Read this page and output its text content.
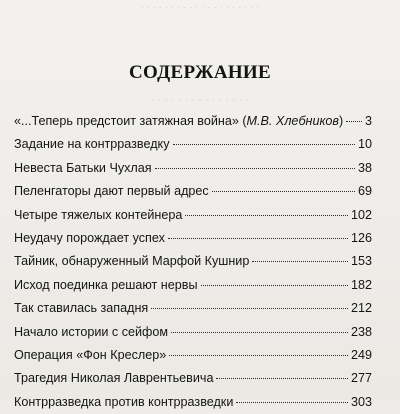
· · · · · · · · · · · · · · · · · · · ·
СОДЕРЖАНИЕ
· · · · · · · · · · · · · · ·
«...Теперь предстоит затяжная война» (М.В. Хлебников) 3
Задание на контрразведку	10
Невеста Батьки Чухлая	38
Пеленгаторы дают первый адрес	69
Четыре тяжелых контейнера	102
Неудачу порождает успех	126
Тайник, обнаруженный Марфой Кушнир	153
Исход поединка решают нервы	182
Так ставилась западня	212
Начало истории с сейфом	238
Операция «Фон Креслер»	249
Трагедия Николая Лаврентьевича	277
Контрразведка против контрразведки	303
